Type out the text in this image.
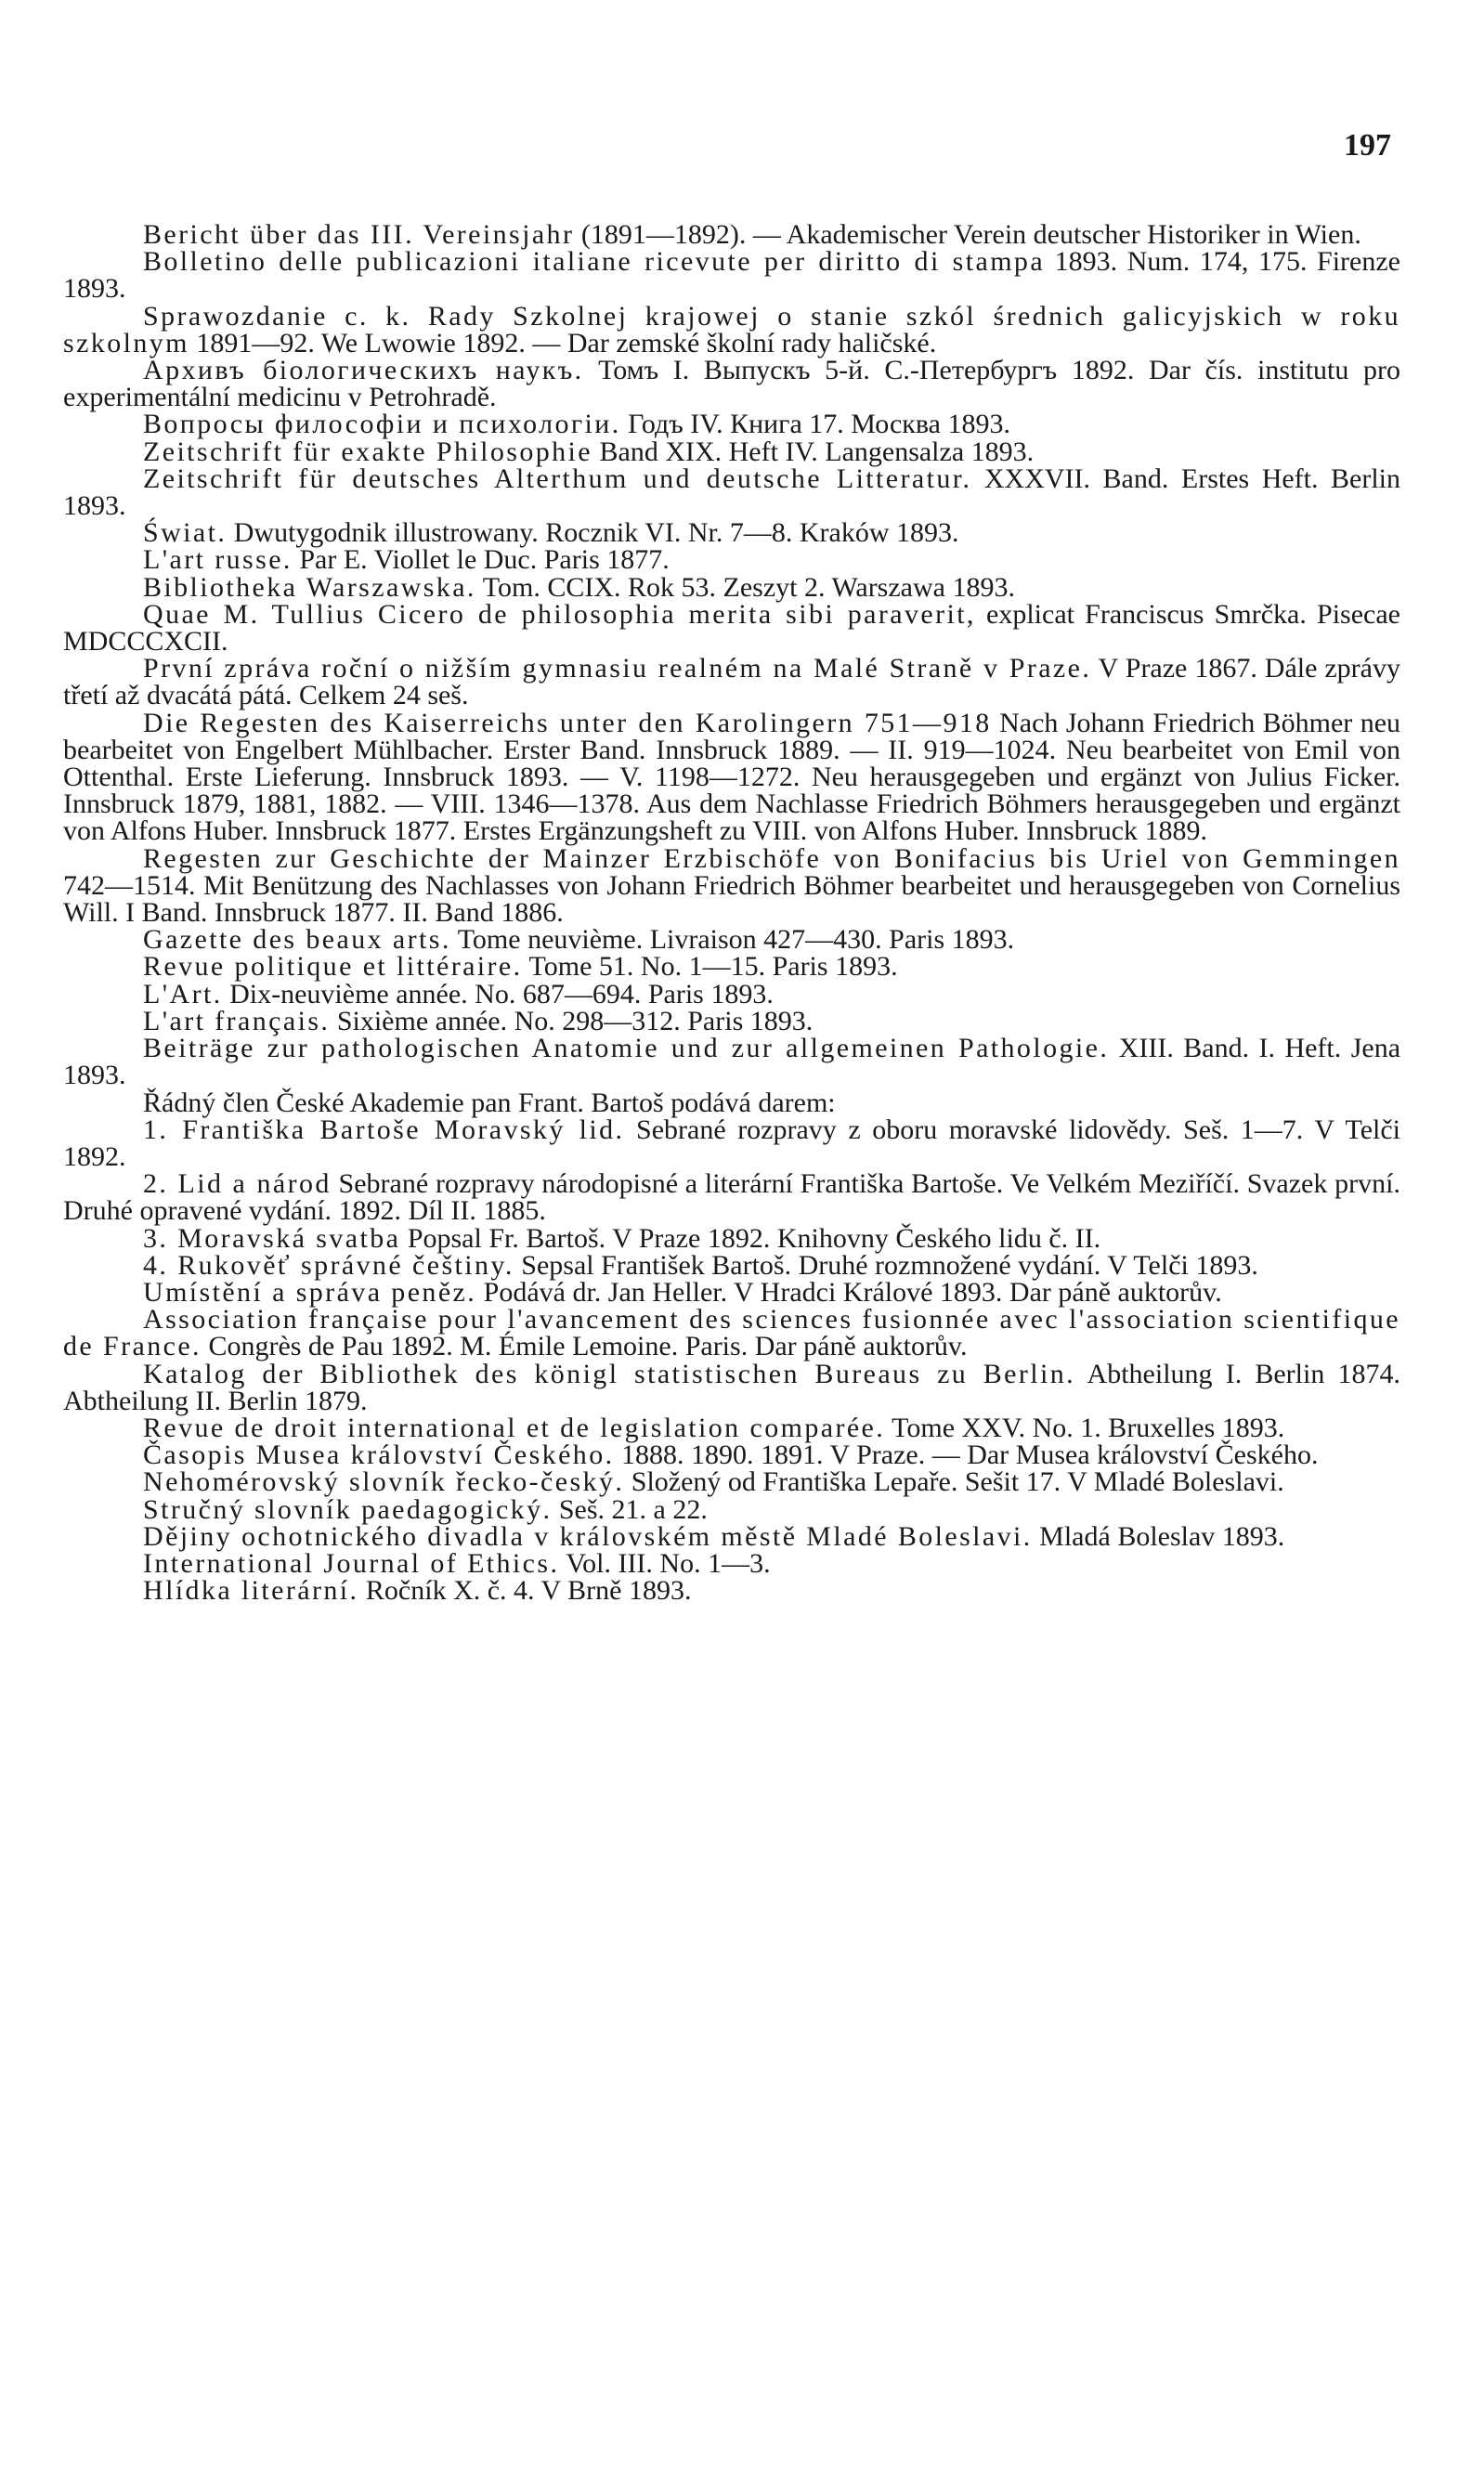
197

Bericht über das III. Vereinsjahr (1891—1892). — Akademischer Verein deutscher Historiker in Wien.

Bolletino delle publicazioni italiane ricevute per diritto di stampa 1893. Num. 174, 175. Firenze 1893.

Sprawozdanie c. k. Rady Szkolnej krajowej o stanie szkól średnich galicyjskich w roku szkolnym 1891—92. We Lwowie 1892. — Dar zemské školní rady haličské.

Архивъ біологическихъ наукъ. Томъ I. Выпускъ 5-й. С.-Петербургъ 1892. Dar čís. institutu pro experimentální medicinu v Petrohradě.

Вопросы философіи и психологіи. Годъ IV. Книга 17. Москва 1893.

Zeitschrift für exakte Philosophie Band XIX. Heft IV. Langensalza 1893.

Zeitschrift für deutsches Alterthum und deutsche Litteratur. XXXVII. Band. Erstes Heft. Berlin 1893.

Świat. Dwutygodnik illustrowany. Rocznik VI. Nr. 7—8. Kraków 1893.

L'art russe. Par E. Viollet le Duc. Paris 1877.

Bibliotheka Warszawska. Tom. CCIX. Rok 53. Zeszyt 2. Warszawa 1893.

Quae M. Tullius Cicero de philosophia merita sibi paraverit, explicat Franciscus Smrčka. Pisecae MDCCCXCII.

První zpráva roční o nižším gymnasiu realném na Malé Straně v Praze. V Praze 1867. Dále zprávy třetí až dvacátá pátá. Celkem 24 seš.

Die Regesten des Kaiserreichs unter den Karolingern 751—918 Nach Johann Friedrich Böhmer neu bearbeitet von Engelbert Mühlbacher. Erster Band. Innsbruck 1889. — II. 919—1024. Neu bearbeitet von Emil von Ottenthal. Erste Lieferung. Innsbruck 1893. — V. 1198—1272. Neu herausgegeben und ergänzt von Julius Ficker. Innsbruck 1879, 1881, 1882. — VIII. 1346—1378. Aus dem Nachlasse Friedrich Böhmers herausgegeben und ergänzt von Alfons Huber. Innsbruck 1877. Erstes Ergänzungsheft zu VIII. von Alfons Huber. Innsbruck 1889.

Regesten zur Geschichte der Mainzer Erzbischöfe von Bonifacius bis Uriel von Gemmingen 742—1514. Mit Benützung des Nachlasses von Johann Friedrich Böhmer bearbeitet und herausgegeben von Cornelius Will. I Band. Innsbruck 1877. II. Band 1886.

Gazette des beaux arts. Tome neuvième. Livraison 427—430. Paris 1893.

Revue politique et littéraire. Tome 51. No. 1—15. Paris 1893.

L'Art. Dix-neuvième année. No. 687—694. Paris 1893.

L'art français. Sixième année. No. 298—312. Paris 1893.

Beiträge zur pathologischen Anatomie und zur allgemeinen Pathologie. XIII. Band. I. Heft. Jena 1893.

Řádný člen České Akademie pan Frant. Bartoš podává darem:

1. Františka Bartoše Moravský lid. Sebrané rozpravy z oboru moravské lidovědy. Seš. 1—7. V Telči 1892.

2. Lid a národ Sebrané rozpravy národopisné a literární Františka Bartoše. Ve Velkém Meziříčí. Svazek první. Druhé opravené vydání. 1892. Díl II. 1885.

3. Moravská svatba Popsal Fr. Bartoš. V Praze 1892. Knihovny Českého lidu č. II.

4. Rukověť správné češtiny. Sepsal František Bartoš. Druhé rozmnožené vydání. V Telči 1893.

Umístění a správa peněz. Podává dr. Jan Heller. V Hradci Králové 1893. Dar páně auktorův.

Association française pour l'avancement des sciences fusionnée avec l'association scientifique de France. Congrès de Pau 1892. M. Émile Lemoine. Paris. Dar páně auktorův.

Katalog der Bibliothek des königl statistischen Bureaus zu Berlin. Abtheilung I. Berlin 1874. Abtheilung II. Berlin 1879.

Revue de droit international et de legislation comparée. Tome XXV. No. 1. Bruxelles 1893.

Časopis Musea království Českého. 1888. 1890. 1891. V Praze. — Dar Musea království Českého.

Nehomérovský slovník řecko-český. Složený od Františka Lepaře. Sešit 17. V Mladé Boleslavi.

Stručný slovník paedagogický. Seš. 21. a 22.

Dějiny ochotnického divadla v královském městě Mladé Boleslavi. Mladá Boleslav 1893.

International Journal of Ethics. Vol. III. No. 1—3.

Hlídka literární. Ročník X. č. 4. V Brně 1893.
